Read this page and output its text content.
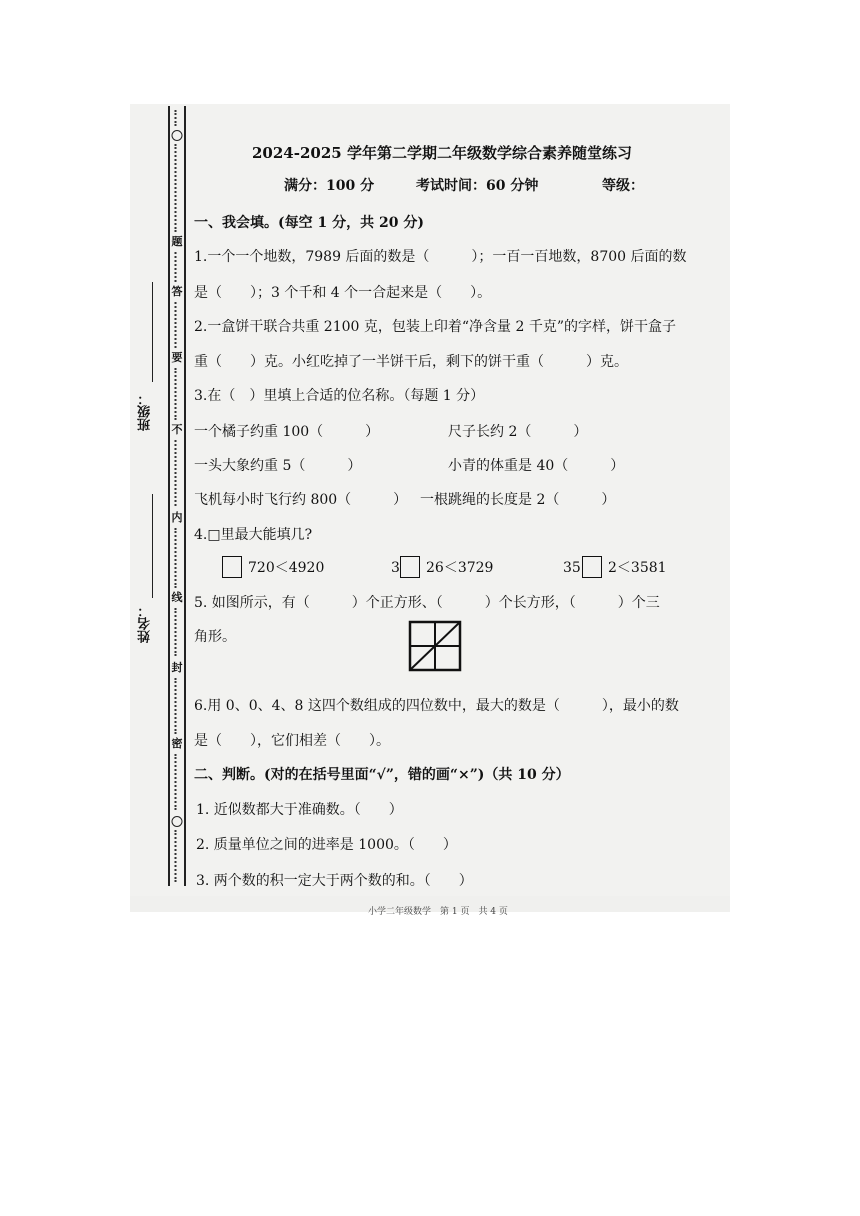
题
答
要
不
内
线
封
密
班级：
姓名：
2024-2025 学年第二学期二年级数学综合素养随堂练习
满分：100 分	考试时间：60 分钟	等级：
一、我会填。(每空 1 分，共 20 分)
1.一个一个地数，7989 后面的数是（　　　）；一百一百地数，8700 后面的数
是（　　）；3 个千和 4 个一合起来是（　　）。
2.一盒饼干联合共重 2100 克，包装上印着“净含量 2 千克”的字样，饼干盒子
重（　　）克。小红吃掉了一半饼干后，剩下的饼干重（　　　）克。
3.在（　）里填上合适的位名称。（每题 1 分）
一个橘子约重 100（　　　）	尺子长约 2（　　　）
一头大象约重 5（　　　）	小青的体重是 40（　　　）
飞机每小时飞行约 800（　　　） 一根跳绳的长度是 2（　　　）
4.□里最大能填几?
720＜4920	3 26＜3729	35 2＜3581
5. 如图所示，有（　　　）个正方形、（　　　）个长方形，（　　　）个三
角形。
6.用 0、0、4、8 这四个数组成的四位数中，最大的数是（　　　），最小的数
是（　　），它们相差（　　）。
二、判断。(对的在括号里面“√”，错的画“×”)（共 10 分）
1. 近似数都大于准确数。（　　）
2. 质量单位之间的进率是 1000。（　　）
3. 两个数的积一定大于两个数的和。（　　）
小学二年级数学　第 1 页　共 4 页
